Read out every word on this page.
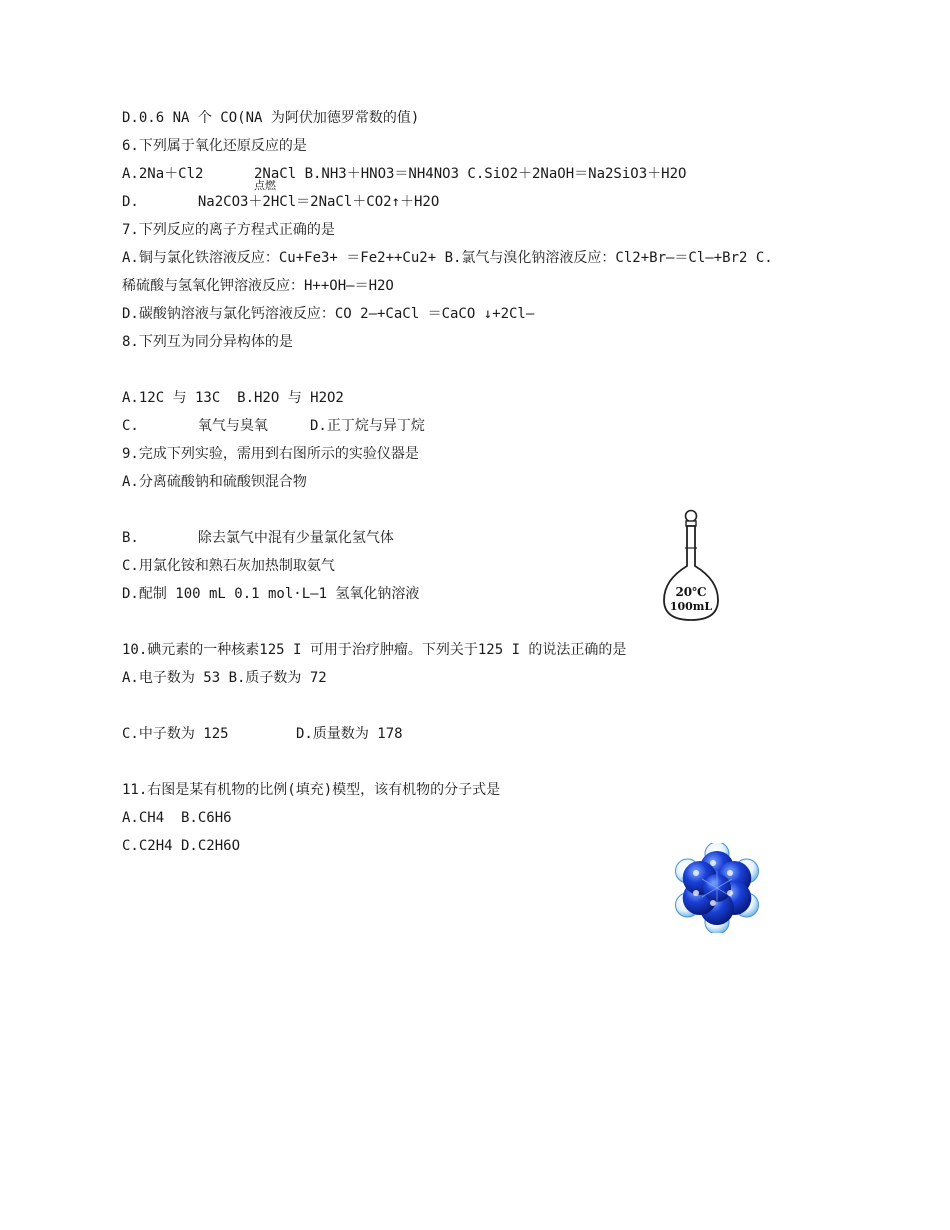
D.0.6 NA 个 CO(NA 为阿伏加德罗常数的值)
6.下列属于氧化还原反应的是
A.2Na＋Cl2      2NaCl B.NH3＋HNO3＝NH4NO3 C.SiO2＋2NaOH＝Na2SiO3＋H2O
点燃
D.       Na2CO3＋2HCl＝2NaCl＋CO2↑＋H2O
7.下列反应的离子方程式正确的是
A.铜与氯化铁溶液反应：Cu+Fe3+ ＝Fe2++Cu2+ B.氯气与溴化钠溶液反应：Cl2+Br—＝Cl—+Br2 C.
稀硫酸与氢氧化钾溶液反应：H++OH—＝H2O
D.碳酸钠溶液与氯化钙溶液反应：CO 2—+CaCl ＝CaCO ↓+2Cl—
8.下列互为同分异构体的是
A.12C 与 13C  B.H2O 与 H2O2
C.       氧气与臭氧     D.正丁烷与异丁烷
9.完成下列实验，需用到右图所示的实验仪器是
A.分离硫酸钠和硫酸钡混合物
B.       除去氯气中混有少量氯化氢气体
C.用氯化铵和熟石灰加热制取氨气
D.配制 100 mL 0.1 mol·L—1 氢氧化钠溶液
10.碘元素的一种核素125 I 可用于治疗肿瘤。下列关于125 I 的说法正确的是
A.电子数为 53 B.质子数为 72
C.中子数为 125        D.质量数为 178
11.右图是某有机物的比例(填充)模型，该有机物的分子式是
A.CH4  B.C6H6
C.C2H4 D.C2H6O
20℃
100mL
